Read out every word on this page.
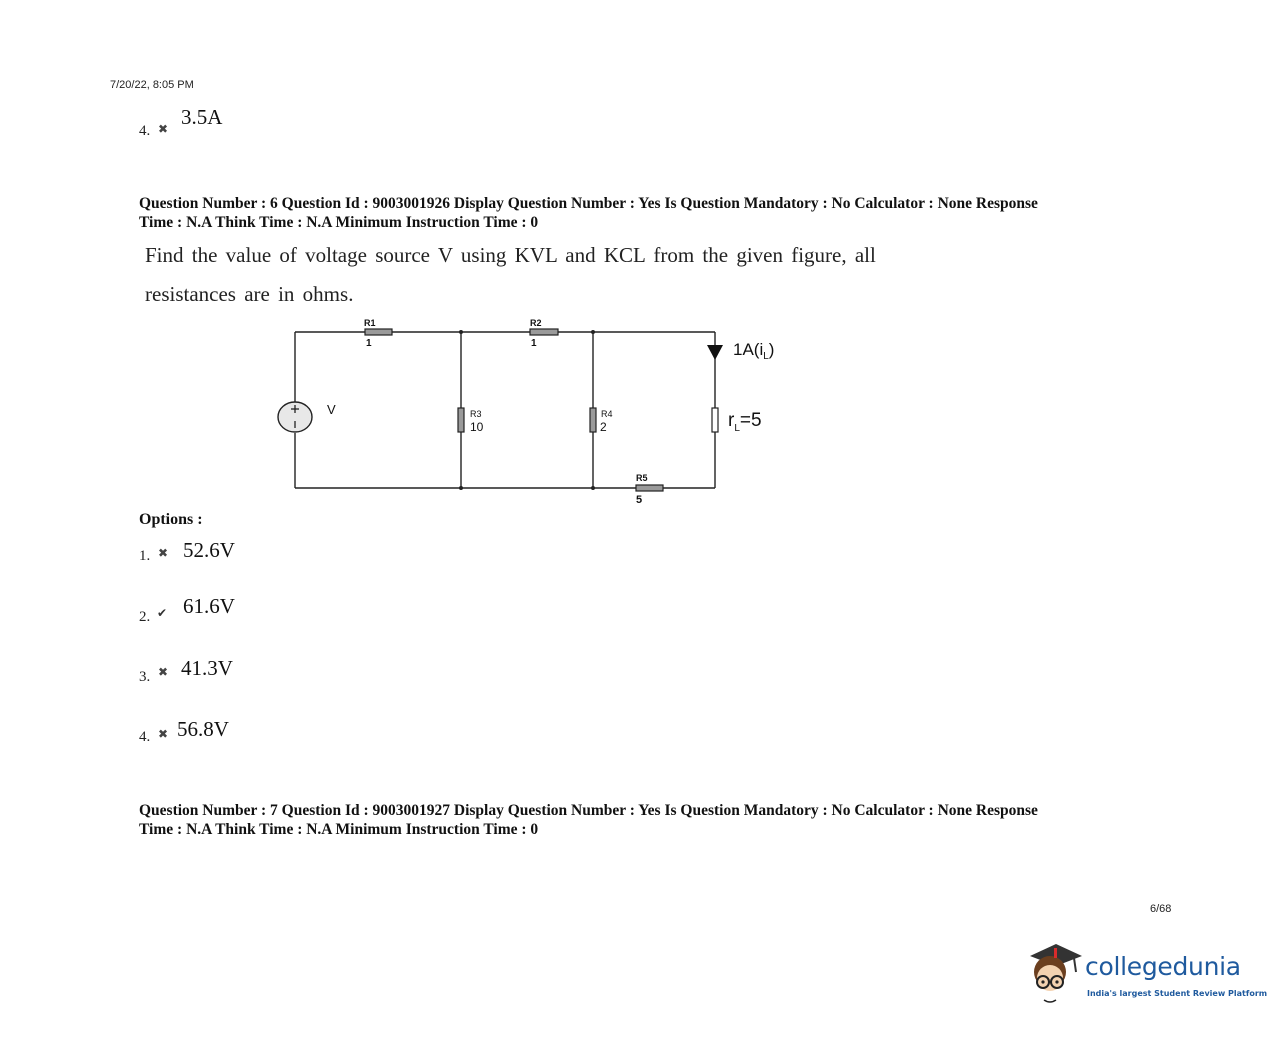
7/20/22, 8:05 PM
4. ✖ 3.5A
Question Number : 6 Question Id : 9003001926 Display Question Number : Yes Is Question Mandatory : No Calculator : None Response
Time : N.A Think Time : N.A Minimum Instruction Time : 0
Find the value of voltage source V using KVL and KCL from the given figure, all
resistances are in ohms.
V
R1
1
R2
1
R3
10
R4
2
R5
5
$1A(i_L)$
$r_L=5$
Options :
1. ✖ 52.6V
2. ✔ 61.6V
3. ✖ 41.3V
4. ✖ 56.8V
Question Number : 7 Question Id : 9003001927 Display Question Number : Yes Is Question Mandatory : No Calculator : None Response
Time : N.A Think Time : N.A Minimum Instruction Time : 0
6/68
collegedunia
India's largest Student Review Platform
